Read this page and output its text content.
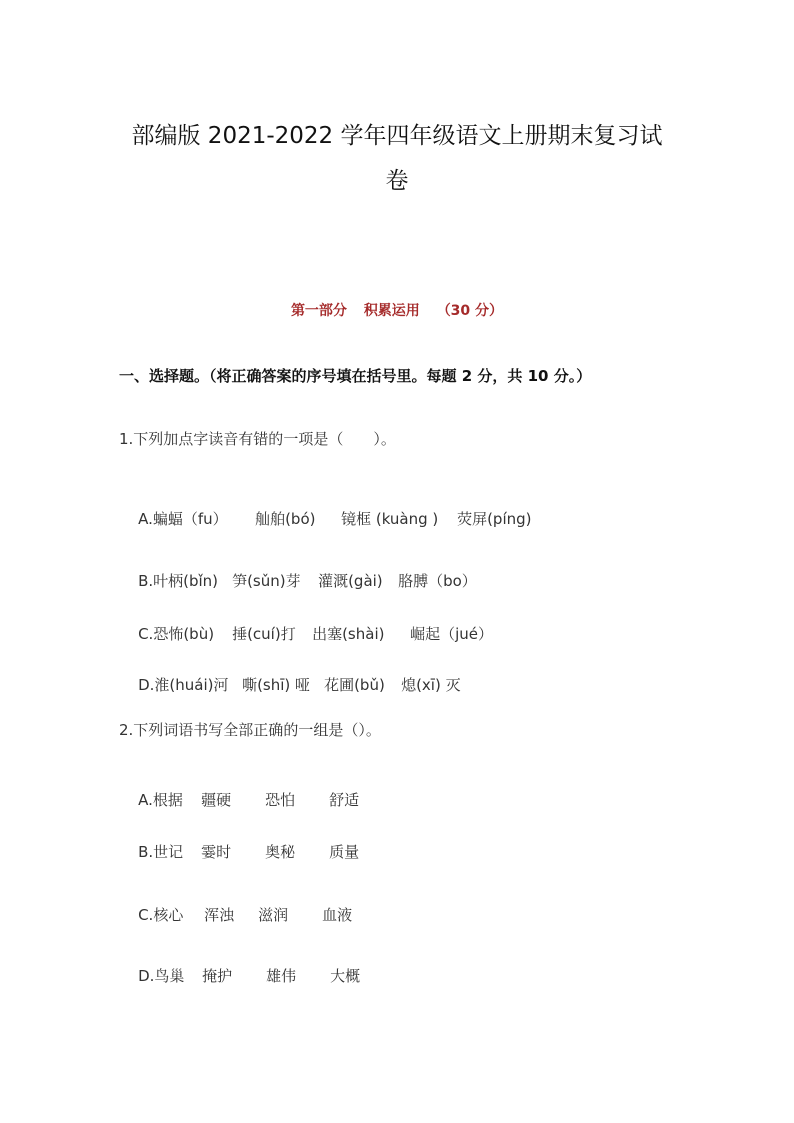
部编版 2021-2022 学年四年级语文上册期末复习试
卷
第一部分 积累运用 （30 分）
一、选择题。（将正确答案的序号填在括号里。每题 2 分，共 10 分。）
1.下列加点字读音有错的一项是（　　）。

A.蝙蝠（fu） 舢舶(bó) 镜框 (kuàng ) 荧屏(píng)

B.叶柄(bǐn) 笋(sǔn)芽 灌溉(gài) 胳膊（bo）

C.恐怖(bù) 捶(cuí)打 出塞(shài) 崛起（jué）

D.淮(huái)河 嘶(shī) 哑 花圃(bǔ) 熄(xī) 灭

2.下列词语书写全部正确的一组是（）。

A.根据 疆硬 恐怕 舒适

B.世记 霎时 奥秘 质量

C.核心 浑浊 滋润 血液

D.鸟巢 掩护 雄伟 大概
